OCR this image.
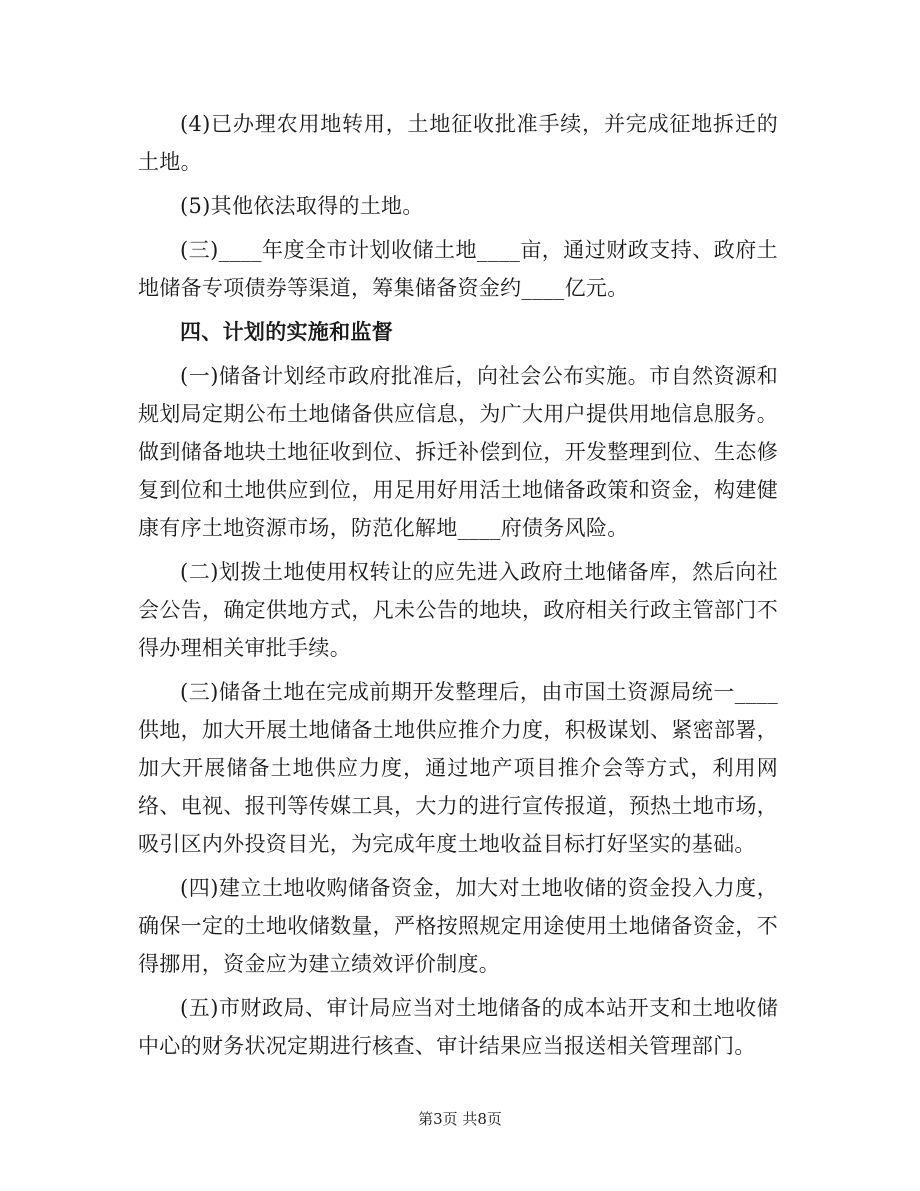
(4)已办理农用地转用，土地征收批准手续，并完成征地拆迁的土地。

(5)其他依法取得的土地。

(三)____年度全市计划收储土地____亩，通过财政支持、政府土地储备专项债券等渠道，筹集储备资金约____亿元。

四、计划的实施和监督

(一)储备计划经市政府批准后，向社会公布实施。市自然资源和规划局定期公布土地储备供应信息，为广大用户提供用地信息服务。做到储备地块土地征收到位、拆迁补偿到位，开发整理到位、生态修复到位和土地供应到位，用足用好用活土地储备政策和资金，构建健康有序土地资源市场，防范化解地____府债务风险。

(二)划拨土地使用权转让的应先进入政府土地储备库，然后向社会公告，确定供地方式，凡未公告的地块，政府相关行政主管部门不得办理相关审批手续。

(三)储备土地在完成前期开发整理后，由市国土资源局统一____供地，加大开展土地储备土地供应推介力度，积极谋划、紧密部署，加大开展储备土地供应力度，通过地产项目推介会等方式，利用网络、电视、报刊等传媒工具，大力的进行宣传报道，预热土地市场，吸引区内外投资目光，为完成年度土地收益目标打好坚实的基础。

(四)建立土地收购储备资金，加大对土地收储的资金投入力度，确保一定的土地收储数量，严格按照规定用途使用土地储备资金，不得挪用，资金应为建立绩效评价制度。

(五)市财政局、审计局应当对土地储备的成本站开支和土地收储中心的财务状况定期进行核查、审计结果应当报送相关管理部门。

第3页 共8页
